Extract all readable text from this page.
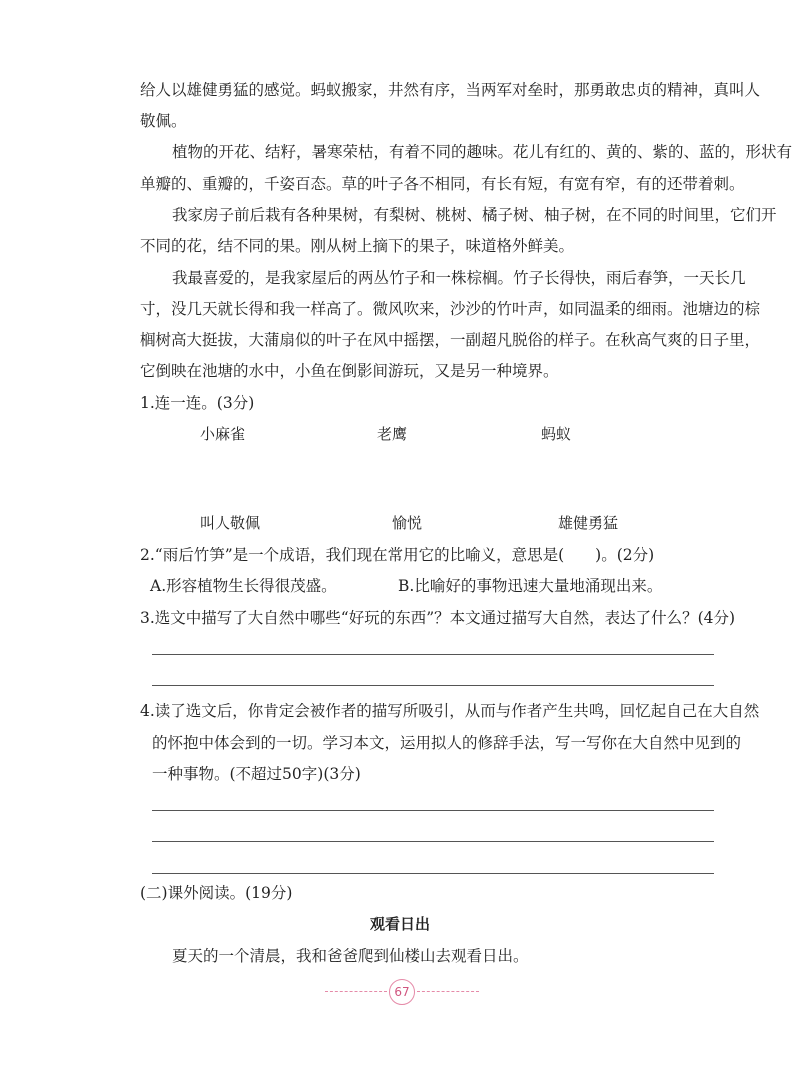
给人以雄健勇猛的感觉。蚂蚁搬家，井然有序，当两军对垒时，那勇敢忠贞的精神，真叫人
敬佩。
植物的开花、结籽，暑寒荣枯，有着不同的趣味。花儿有红的、黄的、紫的、蓝的，形状有
单瓣的、重瓣的，千姿百态。草的叶子各不相同，有长有短，有宽有窄，有的还带着刺。
我家房子前后栽有各种果树，有梨树、桃树、橘子树、柚子树，在不同的时间里，它们开
不同的花，结不同的果。刚从树上摘下的果子，味道格外鲜美。
我最喜爱的，是我家屋后的两丛竹子和一株棕榈。竹子长得快，雨后春笋，一天长几
寸，没几天就长得和我一样高了。微风吹来，沙沙的竹叶声，如同温柔的细雨。池塘边的棕
榈树高大挺拔，大蒲扇似的叶子在风中摇摆，一副超凡脱俗的样子。在秋高气爽的日子里，
它倒映在池塘的水中，小鱼在倒影间游玩，又是另一种境界。
1.连一连。(3分)
小麻雀	老鹰	蚂蚁
叫人敬佩	愉悦	雄健勇猛
2.“雨后竹笋”是一个成语，我们现在常用它的比喻义，意思是(　　)。(2分)
A.形容植物生长得很茂盛。	B.比喻好的事物迅速大量地涌现出来。
3.选文中描写了大自然中哪些“好玩的东西”？本文通过描写大自然，表达了什么？(4分)
4.读了选文后，你肯定会被作者的描写所吸引，从而与作者产生共鸣，回忆起自己在大自然
的怀抱中体会到的一切。学习本文，运用拟人的修辞手法，写一写你在大自然中见到的
一种事物。(不超过50字)(3分)
(二)课外阅读。(19分)
观看日出
夏天的一个清晨，我和爸爸爬到仙楼山去观看日出。
67
